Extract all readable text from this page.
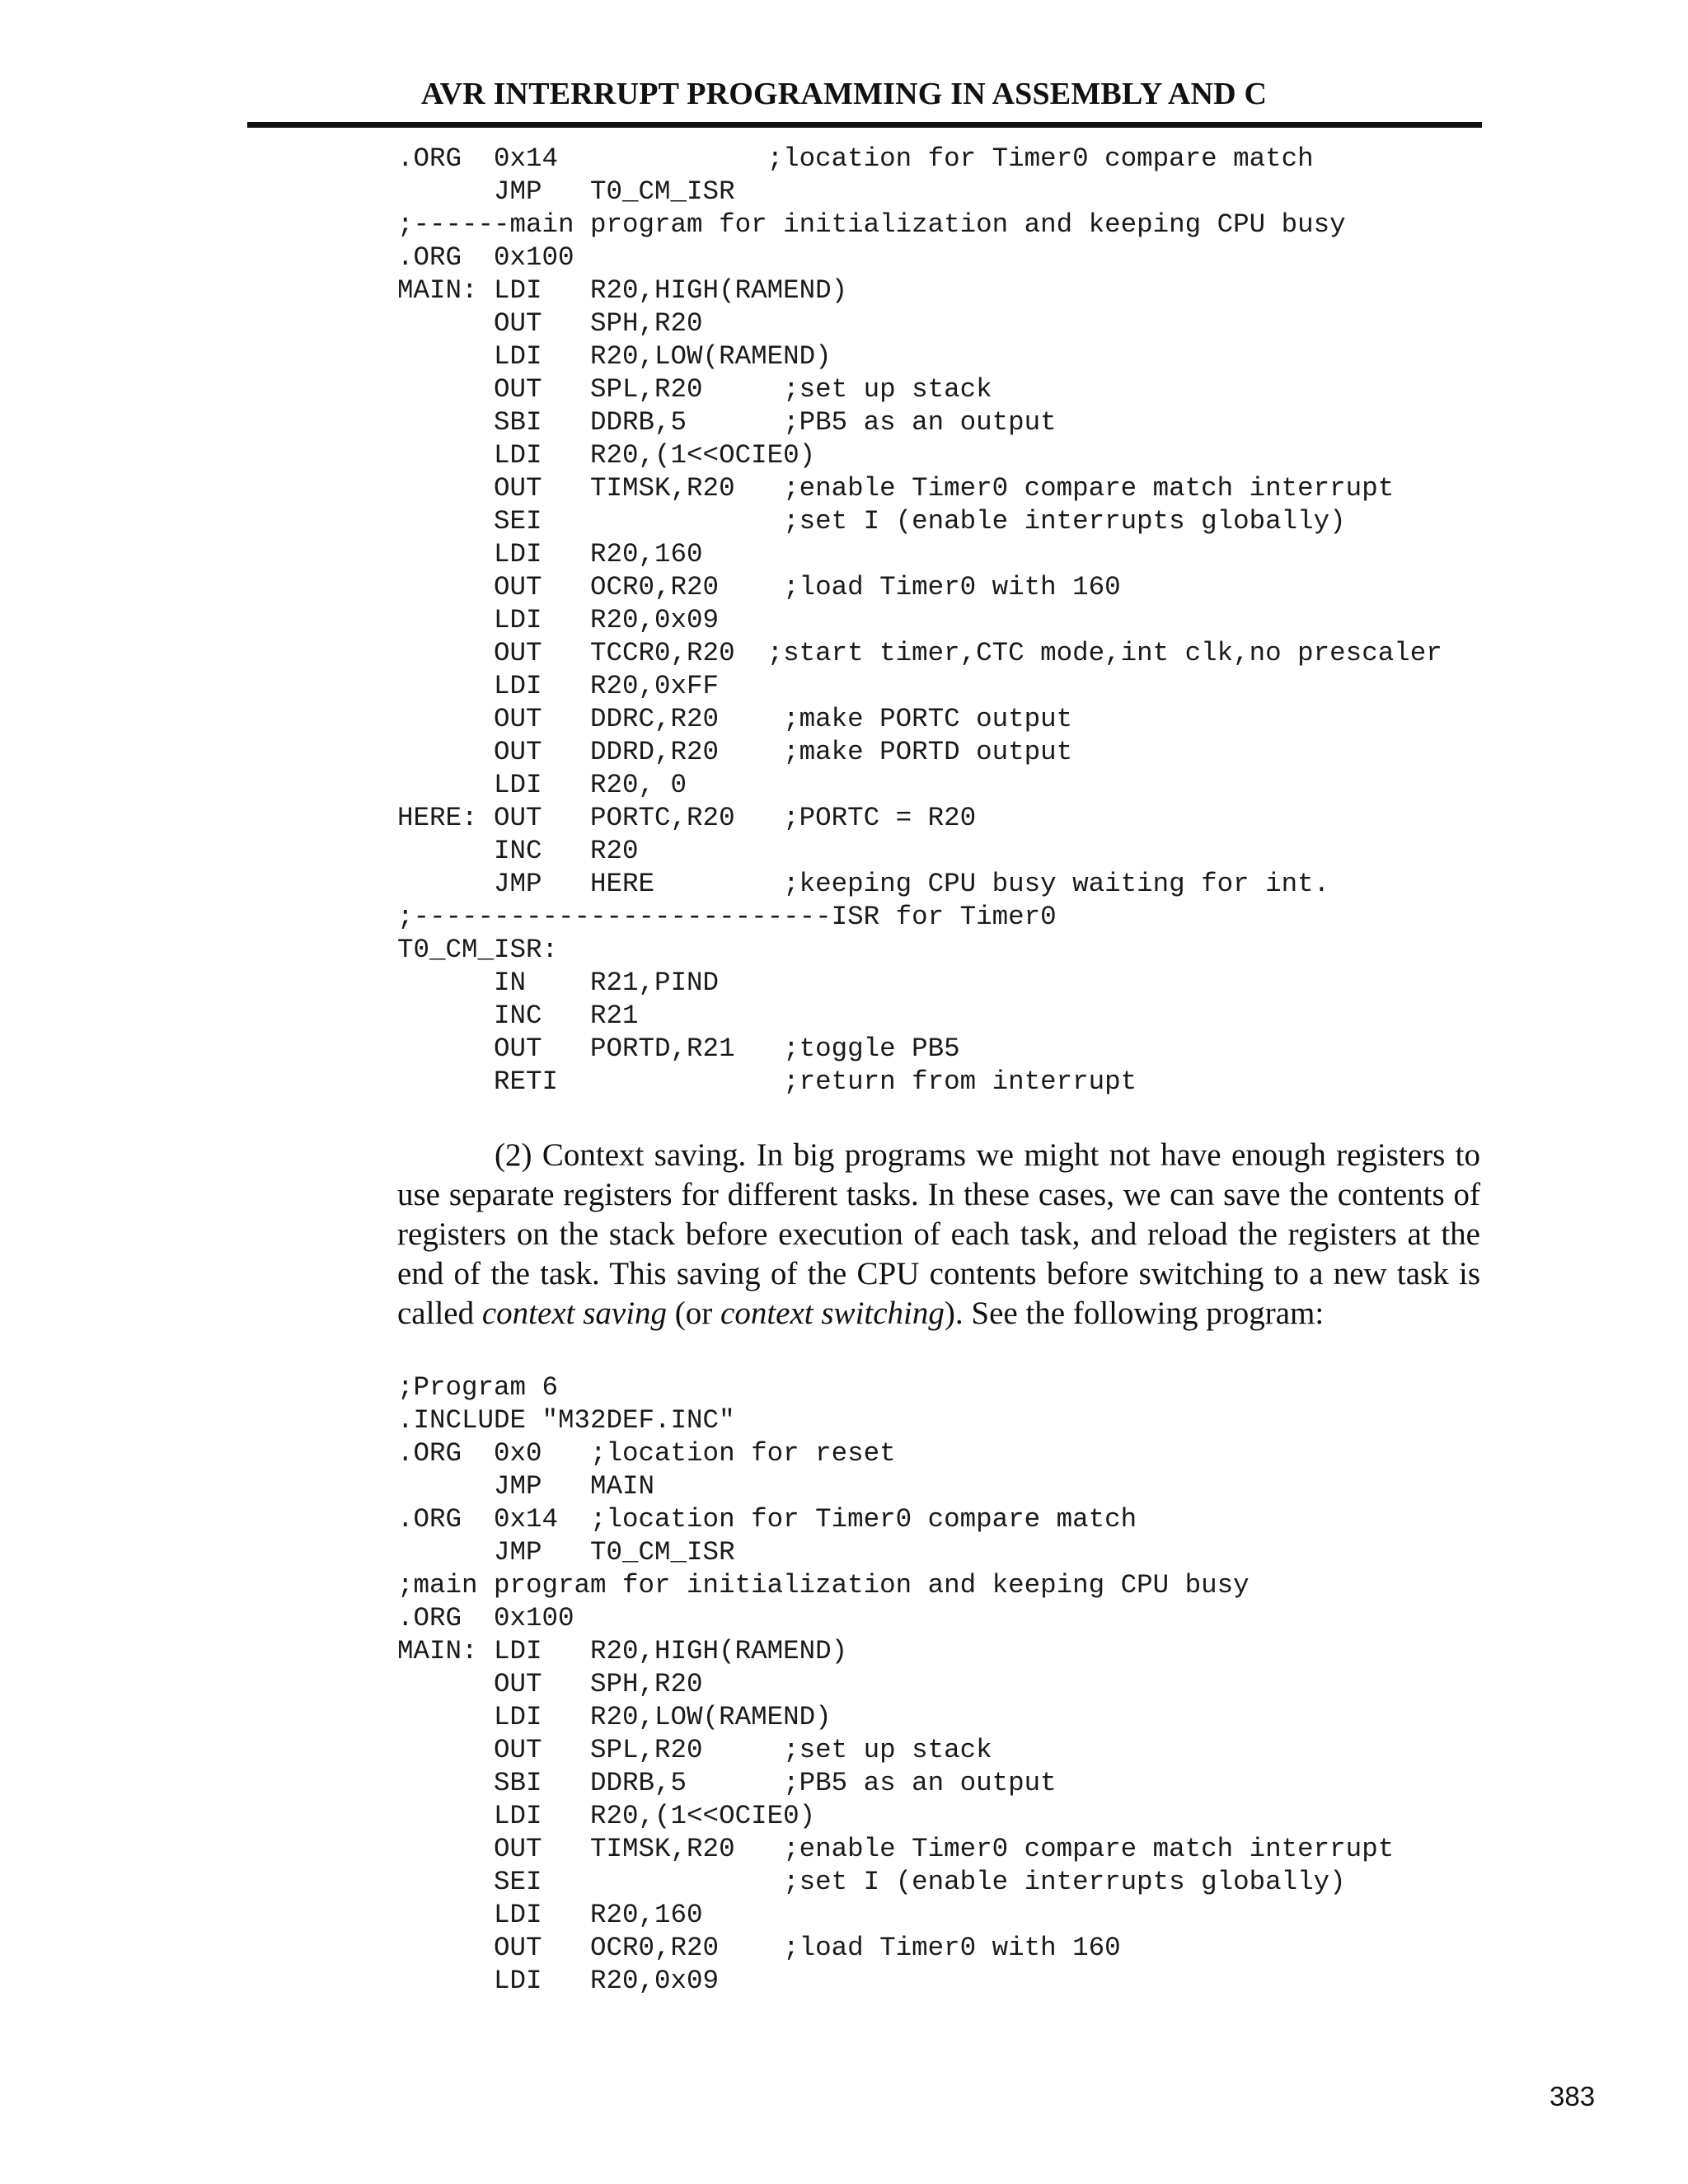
AVR INTERRUPT PROGRAMMING IN ASSEMBLY AND C
.ORG  0x14             ;location for Timer0 compare match
JMP   T0_CM_ISR
;------main program for initialization and keeping CPU busy
.ORG  0x100
MAIN: LDI   R20,HIGH(RAMEND)
OUT   SPH,R20
LDI   R20,LOW(RAMEND)
OUT   SPL,R20     ;set up stack
SBI   DDRB,5      ;PB5 as an output
LDI   R20,(1<<OCIE0)
OUT   TIMSK,R20   ;enable Timer0 compare match interrupt
SEI               ;set I (enable interrupts globally)
LDI   R20,160
OUT   OCR0,R20    ;load Timer0 with 160
LDI   R20,0x09
OUT   TCCR0,R20  ;start timer,CTC mode,int clk,no prescaler
LDI   R20,0xFF
OUT   DDRC,R20    ;make PORTC output
OUT   DDRD,R20    ;make PORTD output
LDI   R20, 0
HERE: OUT   PORTC,R20   ;PORTC = R20
INC   R20
JMP   HERE        ;keeping CPU busy waiting for int.
;--------------------------ISR for Timer0
T0_CM_ISR:
IN    R21,PIND
INC   R21
OUT   PORTD,R21   ;toggle PB5
RETI              ;return from interrupt

(2) Context saving. In big programs we might not have enough registers to use separate registers for different tasks. In these cases, we can save the contents of registers on the stack before execution of each task, and reload the registers at the end of the task. This saving of the CPU contents before switching to a new task is called context saving (or context switching). See the following program:

;Program 6
.INCLUDE "M32DEF.INC"
.ORG  0x0   ;location for reset
JMP   MAIN
.ORG  0x14  ;location for Timer0 compare match
JMP   T0_CM_ISR
;main program for initialization and keeping CPU busy
.ORG  0x100
MAIN: LDI   R20,HIGH(RAMEND)
OUT   SPH,R20
LDI   R20,LOW(RAMEND)
OUT   SPL,R20     ;set up stack
SBI   DDRB,5      ;PB5 as an output
LDI   R20,(1<<OCIE0)
OUT   TIMSK,R20   ;enable Timer0 compare match interrupt
SEI               ;set I (enable interrupts globally)
LDI   R20,160
OUT   OCR0,R20    ;load Timer0 with 160
LDI   R20,0x09

383
